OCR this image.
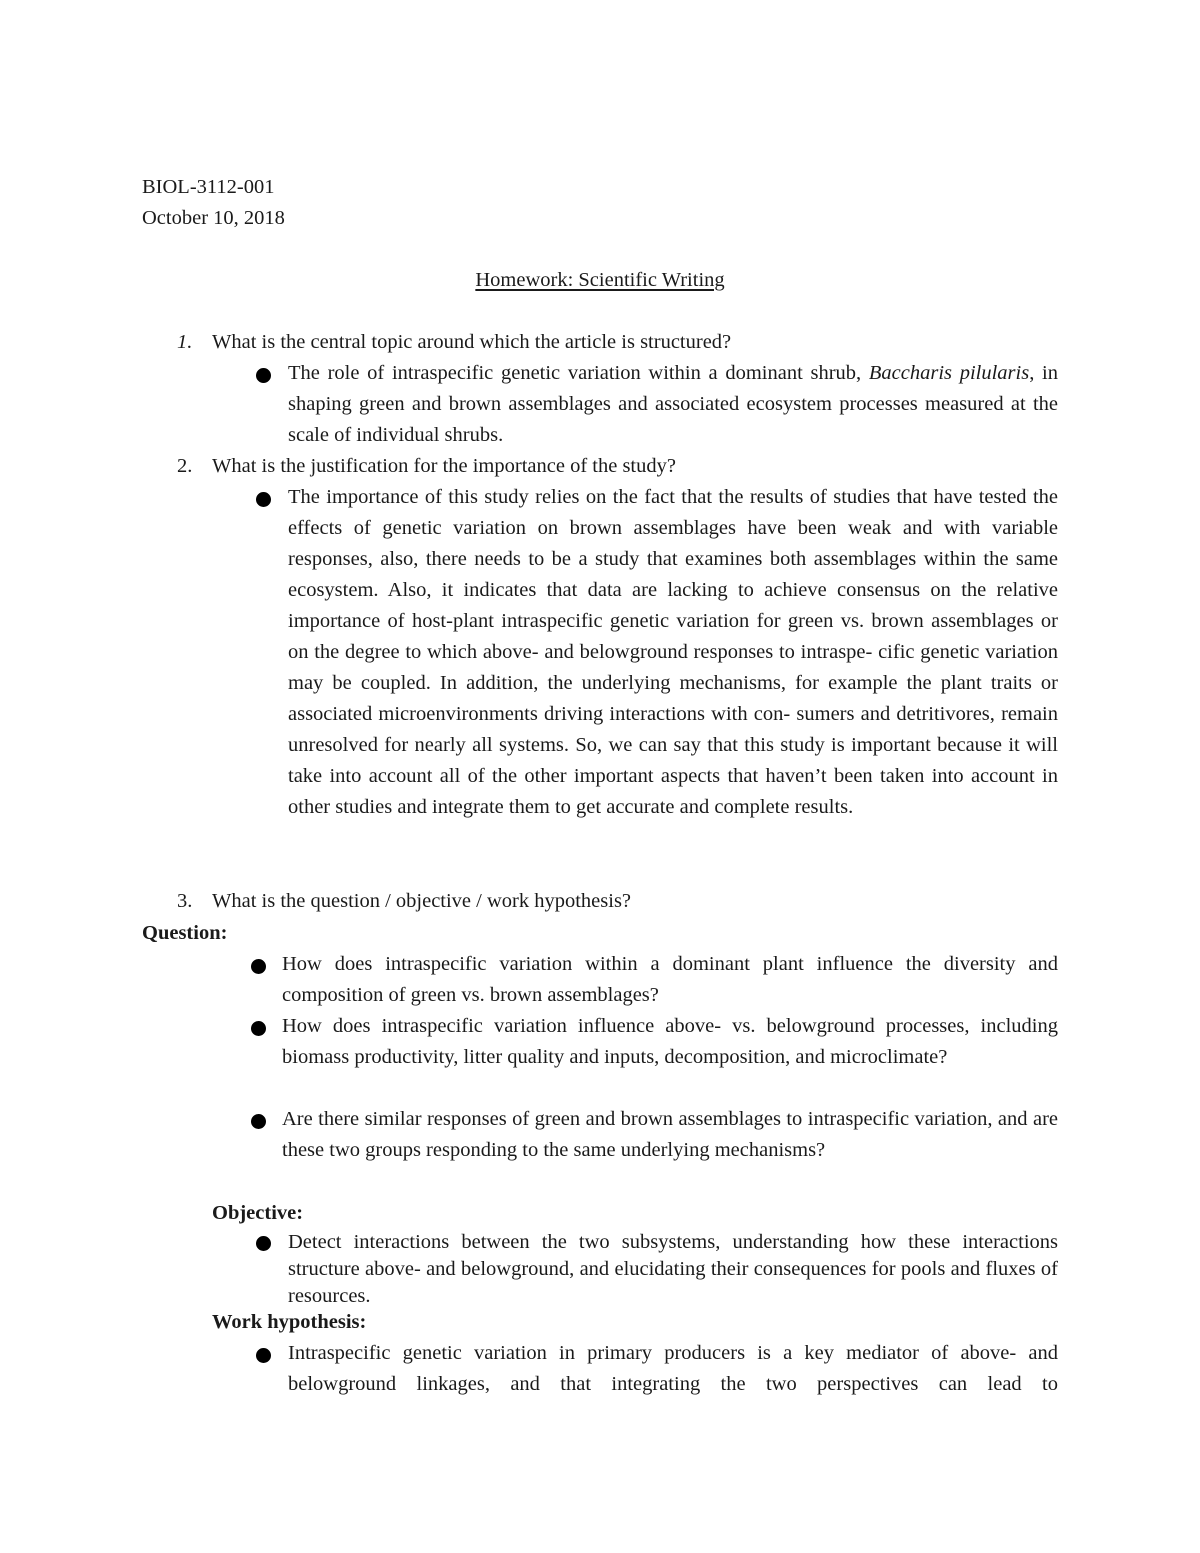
BIOL-3112-001
October 10, 2018
Homework: Scientific Writing
1. What is the central topic around which the article is structured?
The role of intraspecific genetic variation within a dominant shrub, Baccharis pilularis, in shaping green and brown assemblages and associated ecosystem processes measured at the scale of individual shrubs.
2. What is the justification for the importance of the study?
The importance of this study relies on the fact that the results of studies that have tested the effects of genetic variation on brown assemblages have been weak and with variable responses, also, there needs to be a study that examines both assemblages within the same ecosystem. Also, it indicates that data are lacking to achieve consensus on the relative importance of host-plant intraspecific genetic variation for green vs. brown assemblages or on the degree to which above- and belowground responses to intraspe- cific genetic variation may be coupled. In addition, the underlying mechanisms, for example the plant traits or associated microenvironments driving interactions with con- sumers and detritivores, remain unresolved for nearly all systems. So, we can say that this study is important because it will take into account all of the other important aspects that haven’t been taken into account in other studies and integrate them to get accurate and complete results.
3. What is the question / objective / work hypothesis?
Question:
How does intraspecific variation within a dominant plant influence the diversity and composition of green vs. brown assemblages?
How does intraspecific variation influence above- vs. belowground processes, including biomass productivity, litter quality and inputs, decomposition, and microclimate?
Are there similar responses of green and brown assemblages to intraspecific variation, and are these two groups responding to the same underlying mechanisms?
Objective:
Detect interactions between the two subsystems, understanding how these interactions structure above- and belowground, and elucidating their consequences for pools and fluxes of resources.
Work hypothesis:
Intraspecific genetic variation in primary producers is a key mediator of above- and belowground linkages, and that integrating the two perspectives can lead to
